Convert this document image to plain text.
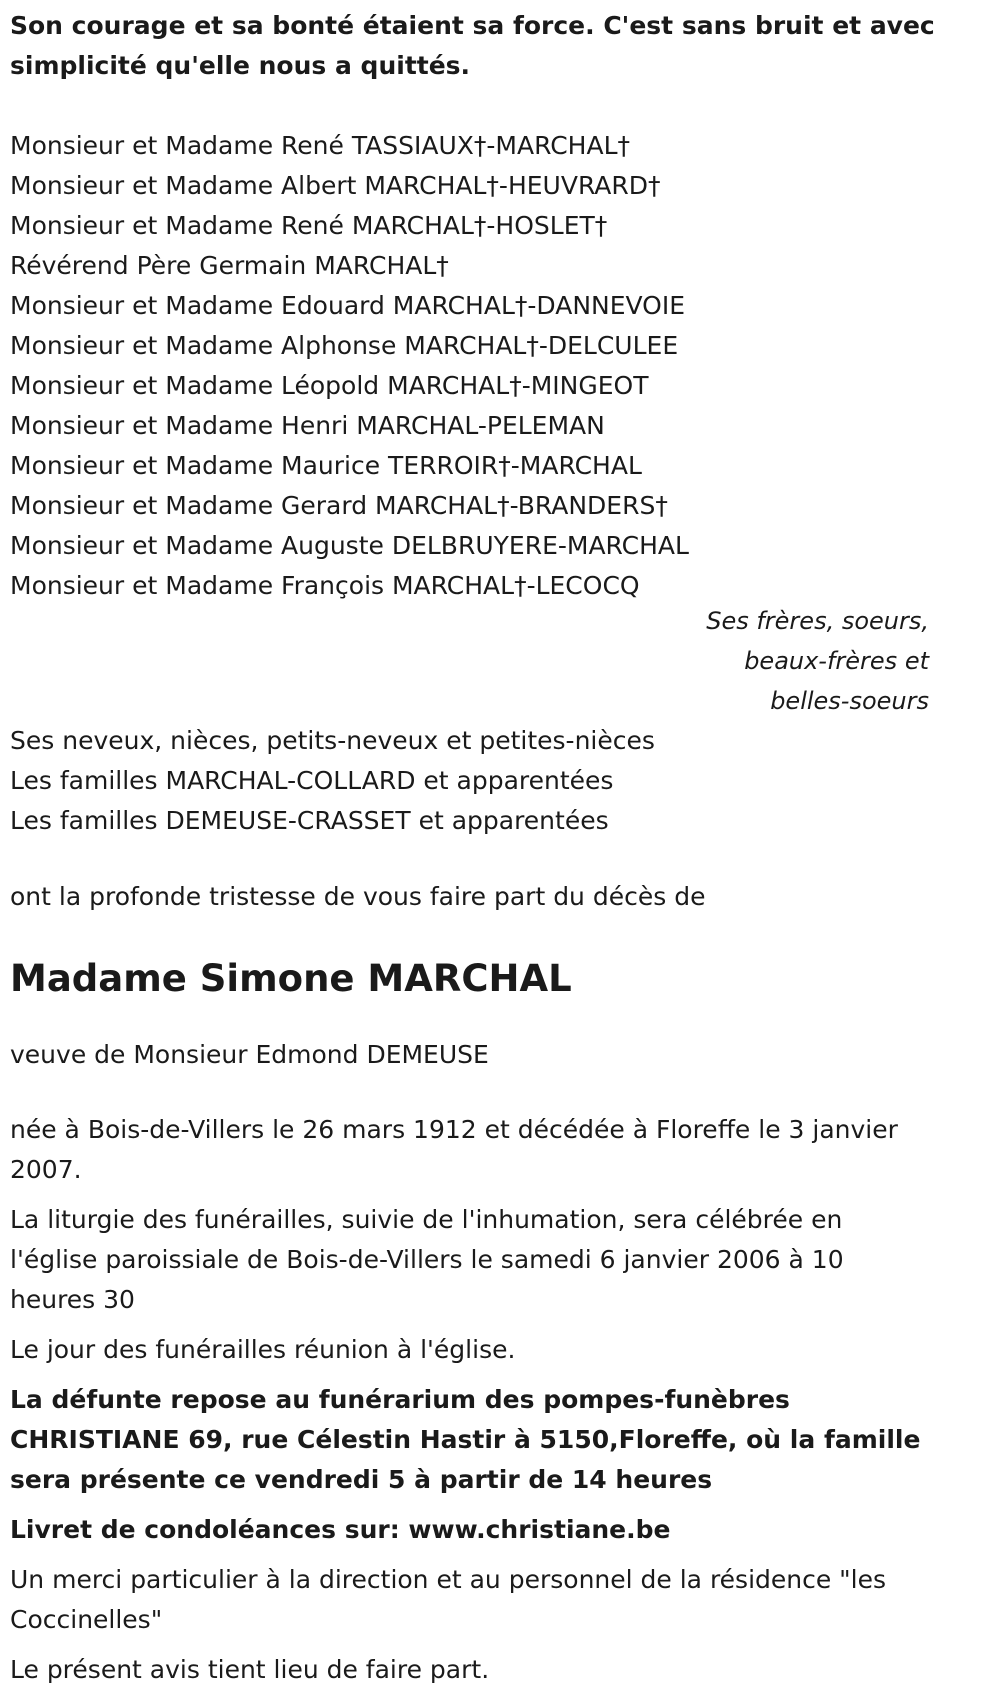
Son courage et sa bonté étaient sa force. C'est sans bruit et avec simplicité qu'elle nous a quittés.

Monsieur et Madame René TASSIAUX†-MARCHAL†
Monsieur et Madame Albert MARCHAL†-HEUVRARD†
Monsieur et Madame René MARCHAL†-HOSLET†
Révérend Père Germain MARCHAL†
Monsieur et Madame Edouard MARCHAL†-DANNEVOIE
Monsieur et Madame Alphonse MARCHAL†-DELCULEE
Monsieur et Madame Léopold MARCHAL†-MINGEOT
Monsieur et Madame Henri MARCHAL-PELEMAN
Monsieur et Madame Maurice TERROIR†-MARCHAL
Monsieur et Madame Gerard MARCHAL†-BRANDERS†
Monsieur et Madame Auguste DELBRUYERE-MARCHAL
Monsieur et Madame François MARCHAL†-LECOCQ
Ses frères, soeurs,
beaux-frères et
belles-soeurs
Ses neveux, nièces, petits-neveux et petites-nièces
Les familles MARCHAL-COLLARD et apparentées
Les familles DEMEUSE-CRASSET et apparentées
ont la profonde tristesse de vous faire part du décès de
Madame Simone MARCHAL
veuve de Monsieur Edmond DEMEUSE

née à Bois-de-Villers le 26 mars 1912 et décédée à Floreffe le 3 janvier 2007.

La liturgie des funérailles, suivie de l'inhumation, sera célébrée en l'église paroissiale de Bois-de-Villers le samedi 6 janvier 2006 à 10 heures 30

Le jour des funérailles réunion à l'église.

La défunte repose au funérarium des pompes-funèbres CHRISTIANE 69, rue Célestin Hastir à 5150,Floreffe, où la famille sera présente ce vendredi 5 à partir de 14 heures

Livret de condoléances sur: www.christiane.be

Un merci particulier à la direction et au personnel de la résidence "les Coccinelles"

Le présent avis tient lieu de faire part.
